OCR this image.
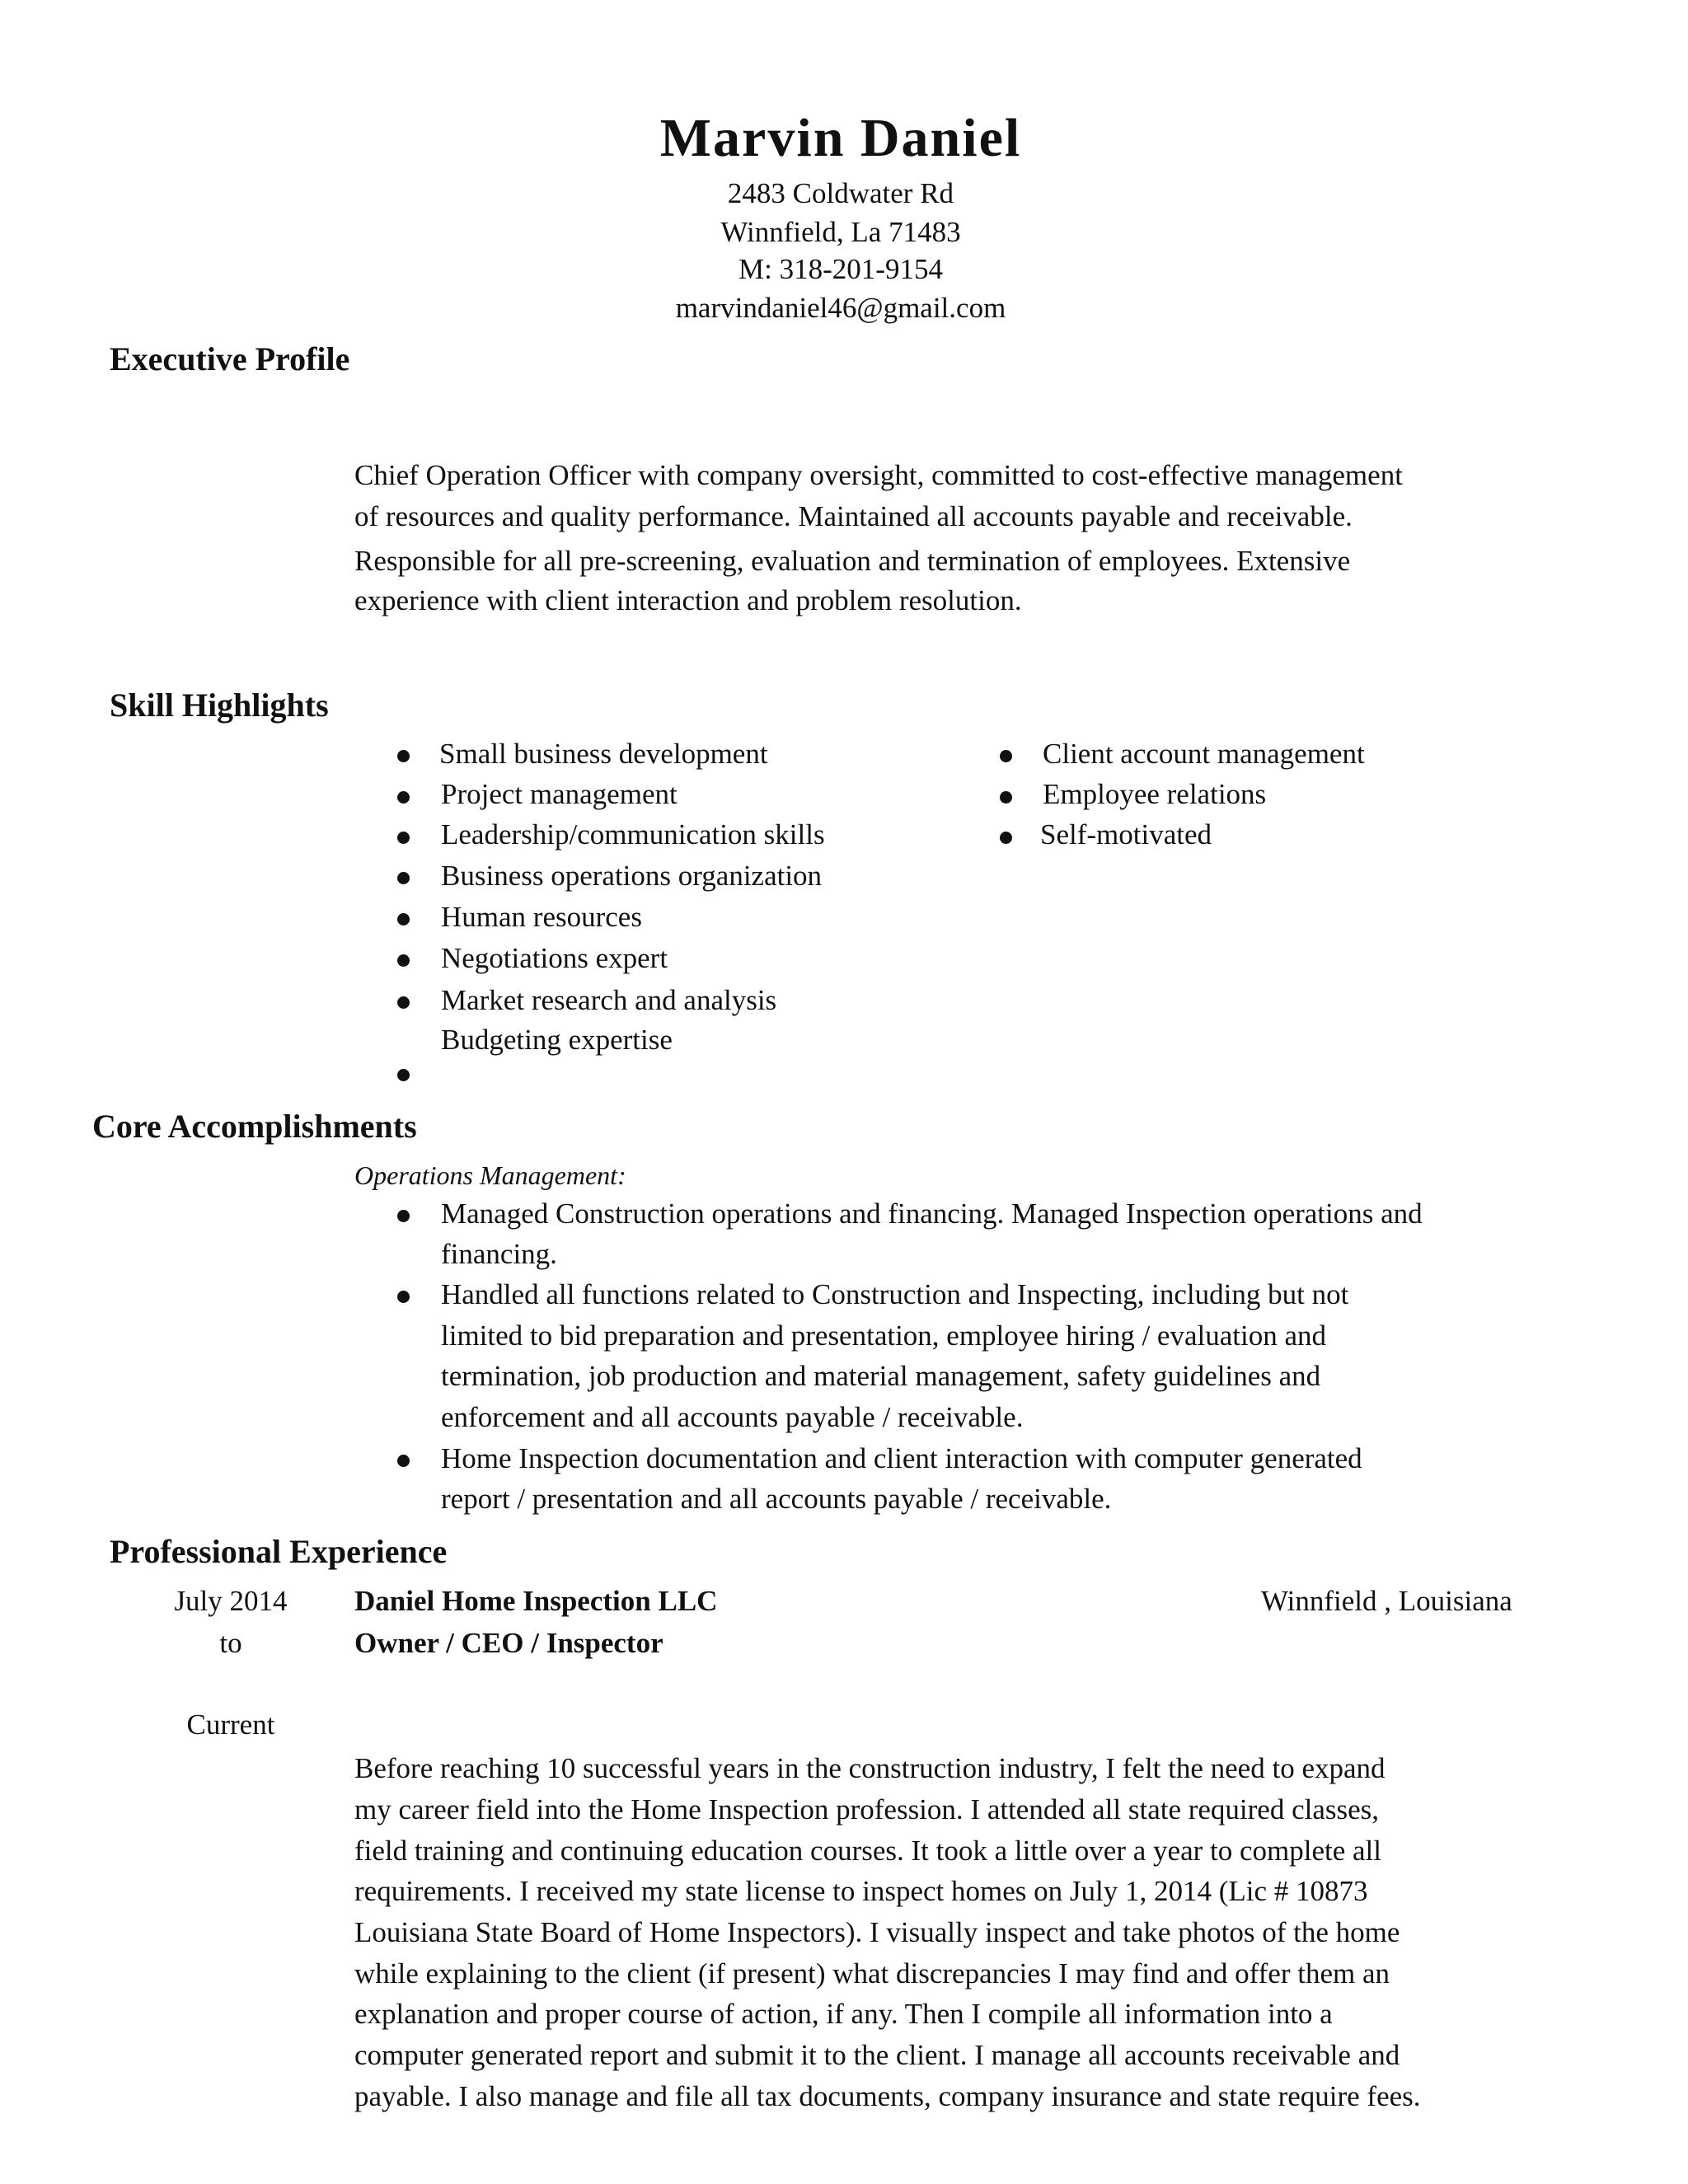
Marvin Daniel
2483 Coldwater Rd
Winnfield, La 71483
M: 318-201-9154
marvindaniel46@gmail.com
Executive Profile
Chief Operation Officer with company oversight, committed to cost-effective management
of resources and quality performance. Maintained all accounts payable and receivable.
Responsible for all pre-screening, evaluation and termination of employees. Extensive
experience with client interaction and problem resolution.
Skill Highlights
Small business development
Project management
Leadership/communication skills
Business operations organization
Human resources
Negotiations expert
Market research and analysis
Budgeting expertise
Client account management
Employee relations
Self-motivated
Core Accomplishments
Operations Management:
Managed Construction operations and financing. Managed Inspection operations and
financing.
Handled all functions related to Construction and Inspecting, including but not
limited to bid preparation and presentation, employee hiring / evaluation and
termination, job production and material management, safety guidelines and
enforcement and all accounts payable / receivable.
Home Inspection documentation and client interaction with computer generated
report / presentation and all accounts payable / receivable.
Professional Experience
July 2014
to
Current
Daniel Home Inspection LLC	Winnfield , Louisiana
Owner / CEO / Inspector
Before reaching 10 successful years in the construction industry, I felt the need to expand
my career field into the Home Inspection profession. I attended all state required classes,
field training and continuing education courses. It took a little over a year to complete all
requirements. I received my state license to inspect homes on July 1, 2014 (Lic # 10873
Louisiana State Board of Home Inspectors). I visually inspect and take photos of the home
while explaining to the client (if present) what discrepancies I may find and offer them an
explanation and proper course of action, if any. Then I compile all information into a
computer generated report and submit it to the client. I manage all accounts receivable and
payable. I also manage and file all tax documents, company insurance and state require fees.
